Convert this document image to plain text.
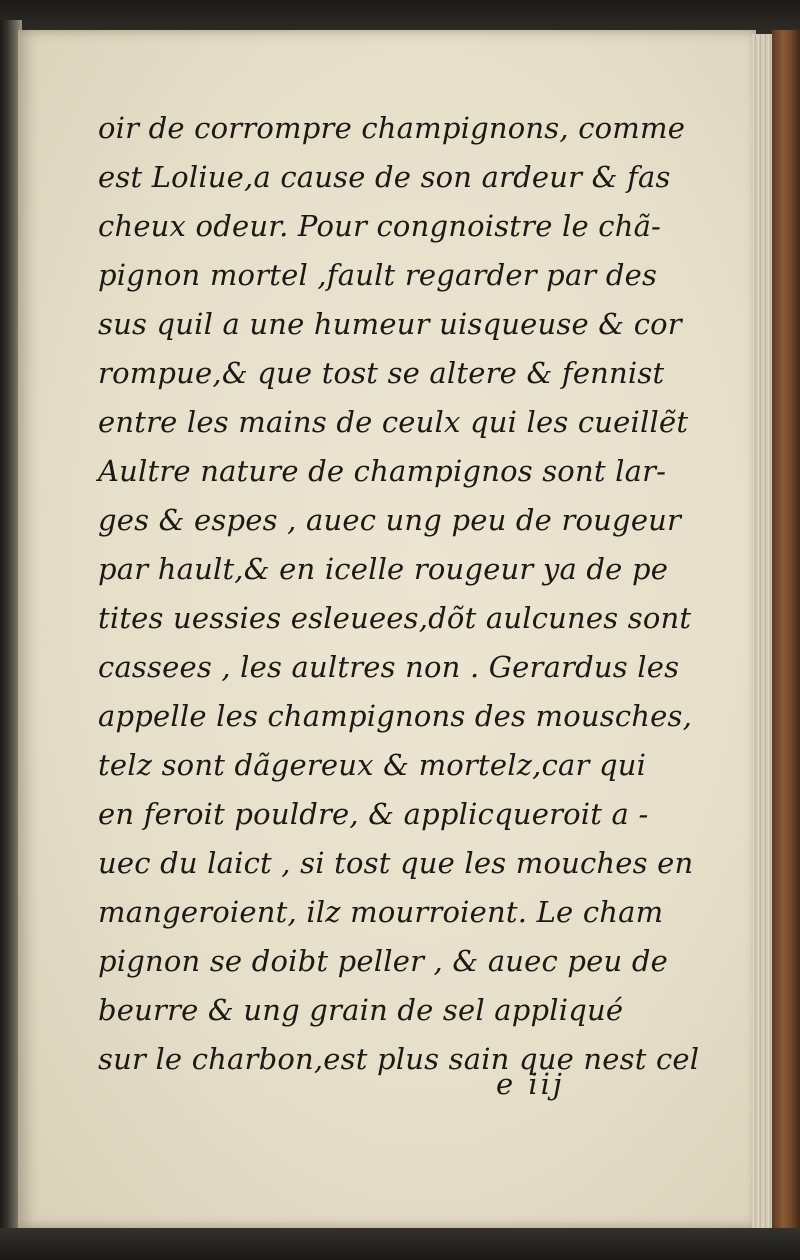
oir de corrompre champignons, comme
est Loliue,a cause de son ardeur & fas
cheux odeur. Pour congnoistre le chã-
pignon mortel ,fault regarder par des
sus quil a une humeur uisqueuse & cor
rompue,& que tost se altere & fennist
entre les mains de ceulx qui les cueillẽt
Aultre nature de champignos sont lar-
ges & espes , auec ung peu de rougeur
par hault,& en icelle rougeur ya de pe
tites uessies esleuees,dõt aulcunes sont
cassees , les aultres non . Gerardus les
appelle les champignons des mousches,
telz sont dãgereux & mortelz,car qui
en feroit pouldre, & applicqueroit a -
uec du laict , si tost que les mouches en
mangeroient, ilz mourroient. Le cham
pignon se doibt peller , & auec peu de
beurre & ung grain de sel appliqué
sur le charbon,est plus sain que nest cel
e iij
